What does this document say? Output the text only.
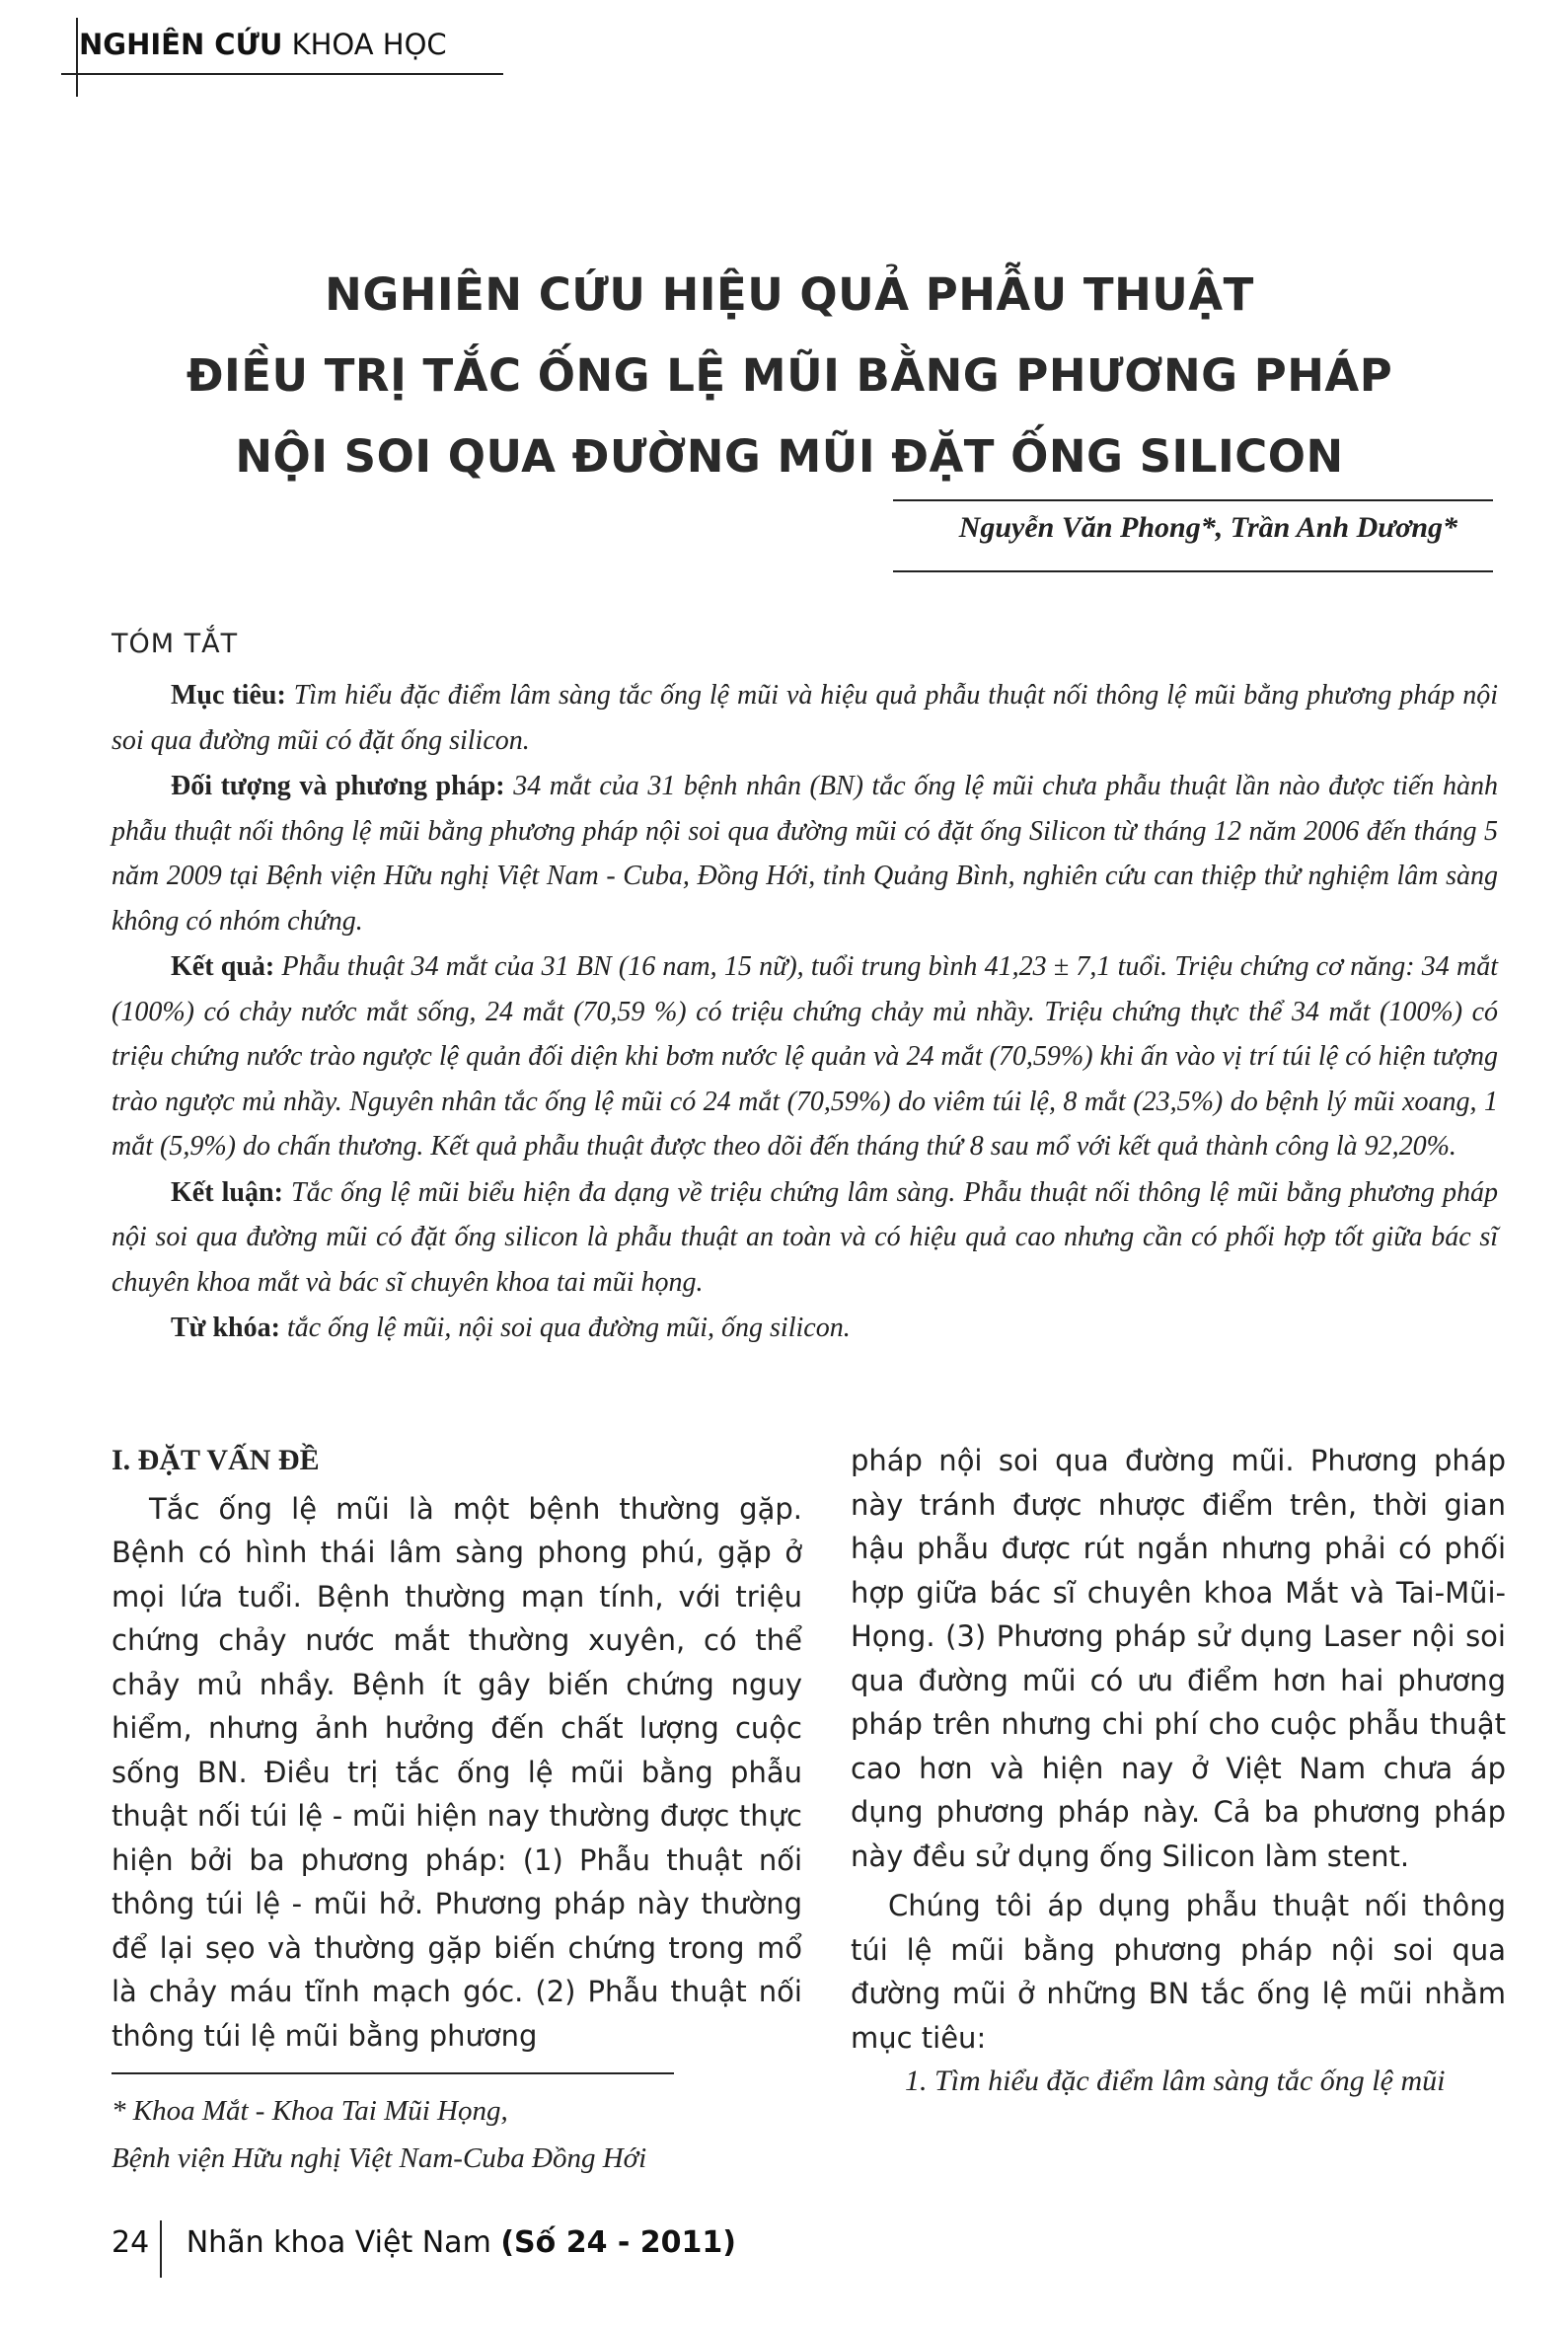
NGHIÊN CỨU KHOA HỌC
NGHIÊN CỨU HIỆU QUẢ PHẪU THUẬT
ĐIỀU TRỊ TẮC ỐNG LỆ MŨI BẰNG PHƯƠNG PHÁP
NỘI SOI QUA ĐƯỜNG MŨI ĐẶT ỐNG SILICON
Nguyễn Văn Phong*, Trần Anh Dương*
TÓM TẮT

Mục tiêu: Tìm hiểu đặc điểm lâm sàng tắc ống lệ mũi và hiệu quả phẫu thuật nối thông lệ mũi bằng phương pháp nội soi qua đường mũi có đặt ống silicon.

Đối tượng và phương pháp: 34 mắt của 31 bệnh nhân (BN) tắc ống lệ mũi chưa phẫu thuật lần nào được tiến hành phẫu thuật nối thông lệ mũi bằng phương pháp nội soi qua đường mũi có đặt ống Silicon từ tháng 12 năm 2006 đến tháng 5 năm 2009 tại Bệnh viện Hữu nghị Việt Nam - Cuba, Đồng Hới, tỉnh Quảng Bình, nghiên cứu can thiệp thử nghiệm lâm sàng không có nhóm chứng.

Kết quả: Phẫu thuật 34 mắt của 31 BN (16 nam, 15 nữ), tuổi trung bình 41,23 ± 7,1 tuổi. Triệu chứng cơ năng: 34 mắt (100%) có chảy nước mắt sống, 24 mắt (70,59 %) có triệu chứng chảy mủ nhầy. Triệu chứng thực thể 34 mắt (100%) có triệu chứng nước trào ngược lệ quản đối diện khi bơm nước lệ quản và 24 mắt (70,59%) khi ấn vào vị trí túi lệ có hiện tượng trào ngược mủ nhầy. Nguyên nhân tắc ống lệ mũi có 24 mắt (70,59%) do viêm túi lệ, 8 mắt (23,5%) do bệnh lý mũi xoang, 1 mắt (5,9%) do chấn thương. Kết quả phẫu thuật được theo dõi đến tháng thứ 8 sau mổ với kết quả thành công là 92,20%.

Kết luận: Tắc ống lệ mũi biểu hiện đa dạng về triệu chứng lâm sàng. Phẫu thuật nối thông lệ mũi bằng phương pháp nội soi qua đường mũi có đặt ống silicon là phẫu thuật an toàn và có hiệu quả cao nhưng cần có phối hợp tốt giữa bác sĩ chuyên khoa mắt và bác sĩ chuyên khoa tai mũi họng.

Từ khóa: tắc ống lệ mũi, nội soi qua đường mũi, ống silicon.

I. ĐẶT VẤN ĐỀ

Tắc ống lệ mũi là một bệnh thường gặp. Bệnh có hình thái lâm sàng phong phú, gặp ở mọi lứa tuổi. Bệnh thường mạn tính, với triệu chứng chảy nước mắt thường xuyên, có thể chảy mủ nhầy. Bệnh ít gây biến chứng nguy hiểm, nhưng ảnh hưởng đến chất lượng cuộc sống BN. Điều trị tắc ống lệ mũi bằng phẫu thuật nối túi lệ - mũi hiện nay thường được thực hiện bởi ba phương pháp: (1) Phẫu thuật nối thông túi lệ - mũi hở. Phương pháp này thường để lại sẹo và thường gặp biến chứng trong mổ là chảy máu tĩnh mạch góc. (2) Phẫu thuật nối thông túi lệ mũi bằng phương

pháp nội soi qua đường mũi. Phương pháp này tránh được nhược điểm trên, thời gian hậu phẫu được rút ngắn nhưng phải có phối hợp giữa bác sĩ chuyên khoa Mắt và Tai-Mũi-Họng. (3) Phương pháp sử dụng Laser nội soi qua đường mũi có ưu điểm hơn hai phương pháp trên nhưng chi phí cho cuộc phẫu thuật cao hơn và hiện nay ở Việt Nam chưa áp dụng phương pháp này. Cả ba phương pháp này đều sử dụng ống Silicon làm stent.

Chúng tôi áp dụng phẫu thuật nối thông túi lệ mũi bằng phương pháp nội soi qua đường mũi ở những BN tắc ống lệ mũi nhằm mục tiêu:

1. Tìm hiểu đặc điểm lâm sàng tắc ống lệ mũi

* Khoa Mắt - Khoa Tai Mũi Họng,
Bệnh viện Hữu nghị Việt Nam-Cuba Đồng Hới
24 Nhãn khoa Việt Nam (Số 24 - 2011)
